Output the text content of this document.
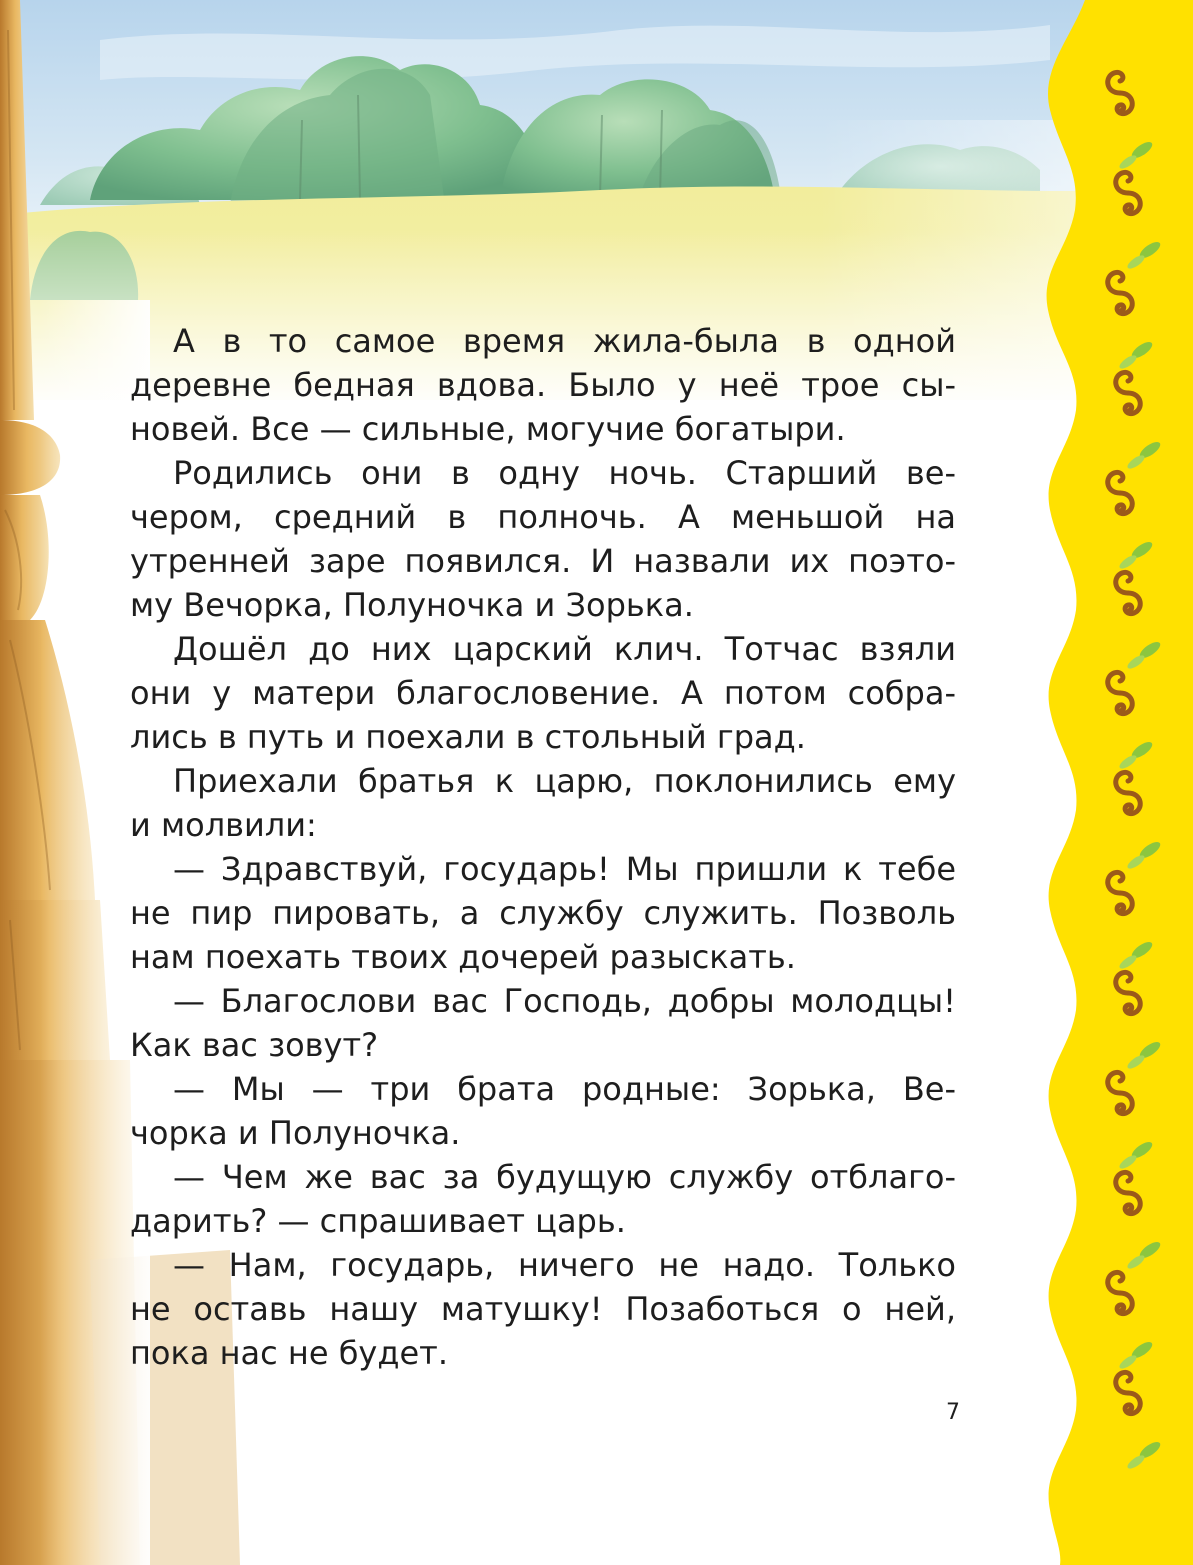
А в то самое время жила-была в одной
деревне бедная вдова. Было у неё трое сы-
новей. Все — сильные, могучие богатыри.
Родились они в одну ночь. Старший ве-
чером, средний в полночь. А меньшой на
утренней заре появился. И назвали их поэто-
му Вечорка, Полуночка и Зорька.
Дошёл до них царский клич. Тотчас взяли
они у матери благословение. А потом собра-
лись в путь и поехали в стольный град.
Приехали братья к царю, поклонились ему
и молвили:
— Здравствуй, государь! Мы пришли к тебе
не пир пировать, а службу служить. Позволь
нам поехать твоих дочерей разыскать.
— Благослови вас Господь, добры молодцы!
Как вас зовут?
— Мы — три брата родные: Зорька, Ве-
чорка и Полуночка.
— Чем же вас за будущую службу отблаго-
дарить? — спрашивает царь.
— Нам, государь, ничего не надо. Только
не оставь нашу матушку! Позаботься о ней,
пока нас не будет.
7
